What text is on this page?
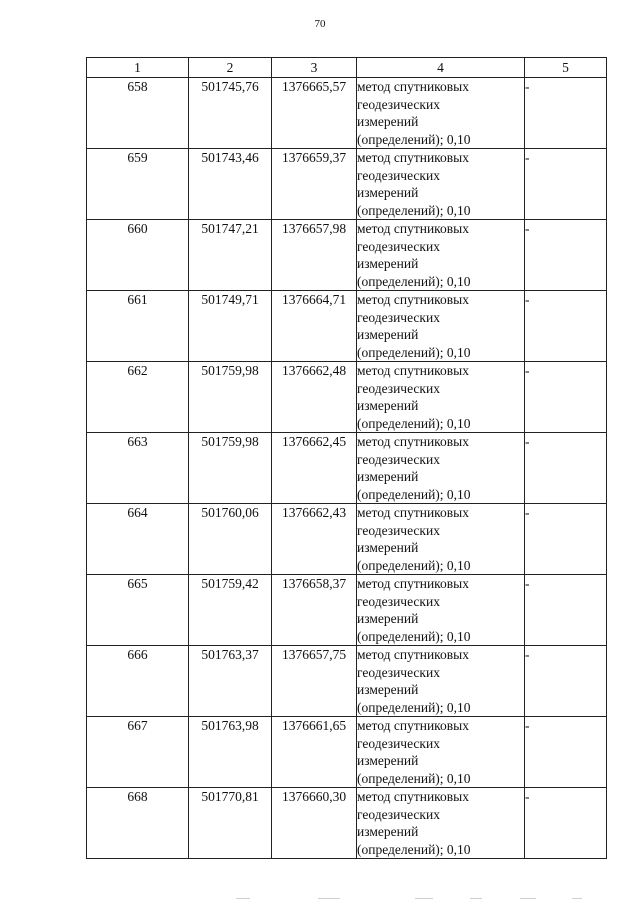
70
1	2	3	4	5
658	501745,76	1376665,57	метод спутниковых
геодезических
измерений
(определений); 0,10	-
659	501743,46	1376659,37	метод спутниковых
геодезических
измерений
(определений); 0,10	-
660	501747,21	1376657,98	метод спутниковых
геодезических
измерений
(определений); 0,10	-
661	501749,71	1376664,71	метод спутниковых
геодезических
измерений
(определений); 0,10	-
662	501759,98	1376662,48	метод спутниковых
геодезических
измерений
(определений); 0,10	-
663	501759,98	1376662,45	метод спутниковых
геодезических
измерений
(определений); 0,10	-
664	501760,06	1376662,43	метод спутниковых
геодезических
измерений
(определений); 0,10	-
665	501759,42	1376658,37	метод спутниковых
геодезических
измерений
(определений); 0,10	-
666	501763,37	1376657,75	метод спутниковых
геодезических
измерений
(определений); 0,10	-
667	501763,98	1376661,65	метод спутниковых
геодезических
измерений
(определений); 0,10	-
668	501770,81	1376660,30	метод спутниковых
геодезических
измерений
(определений); 0,10	-
